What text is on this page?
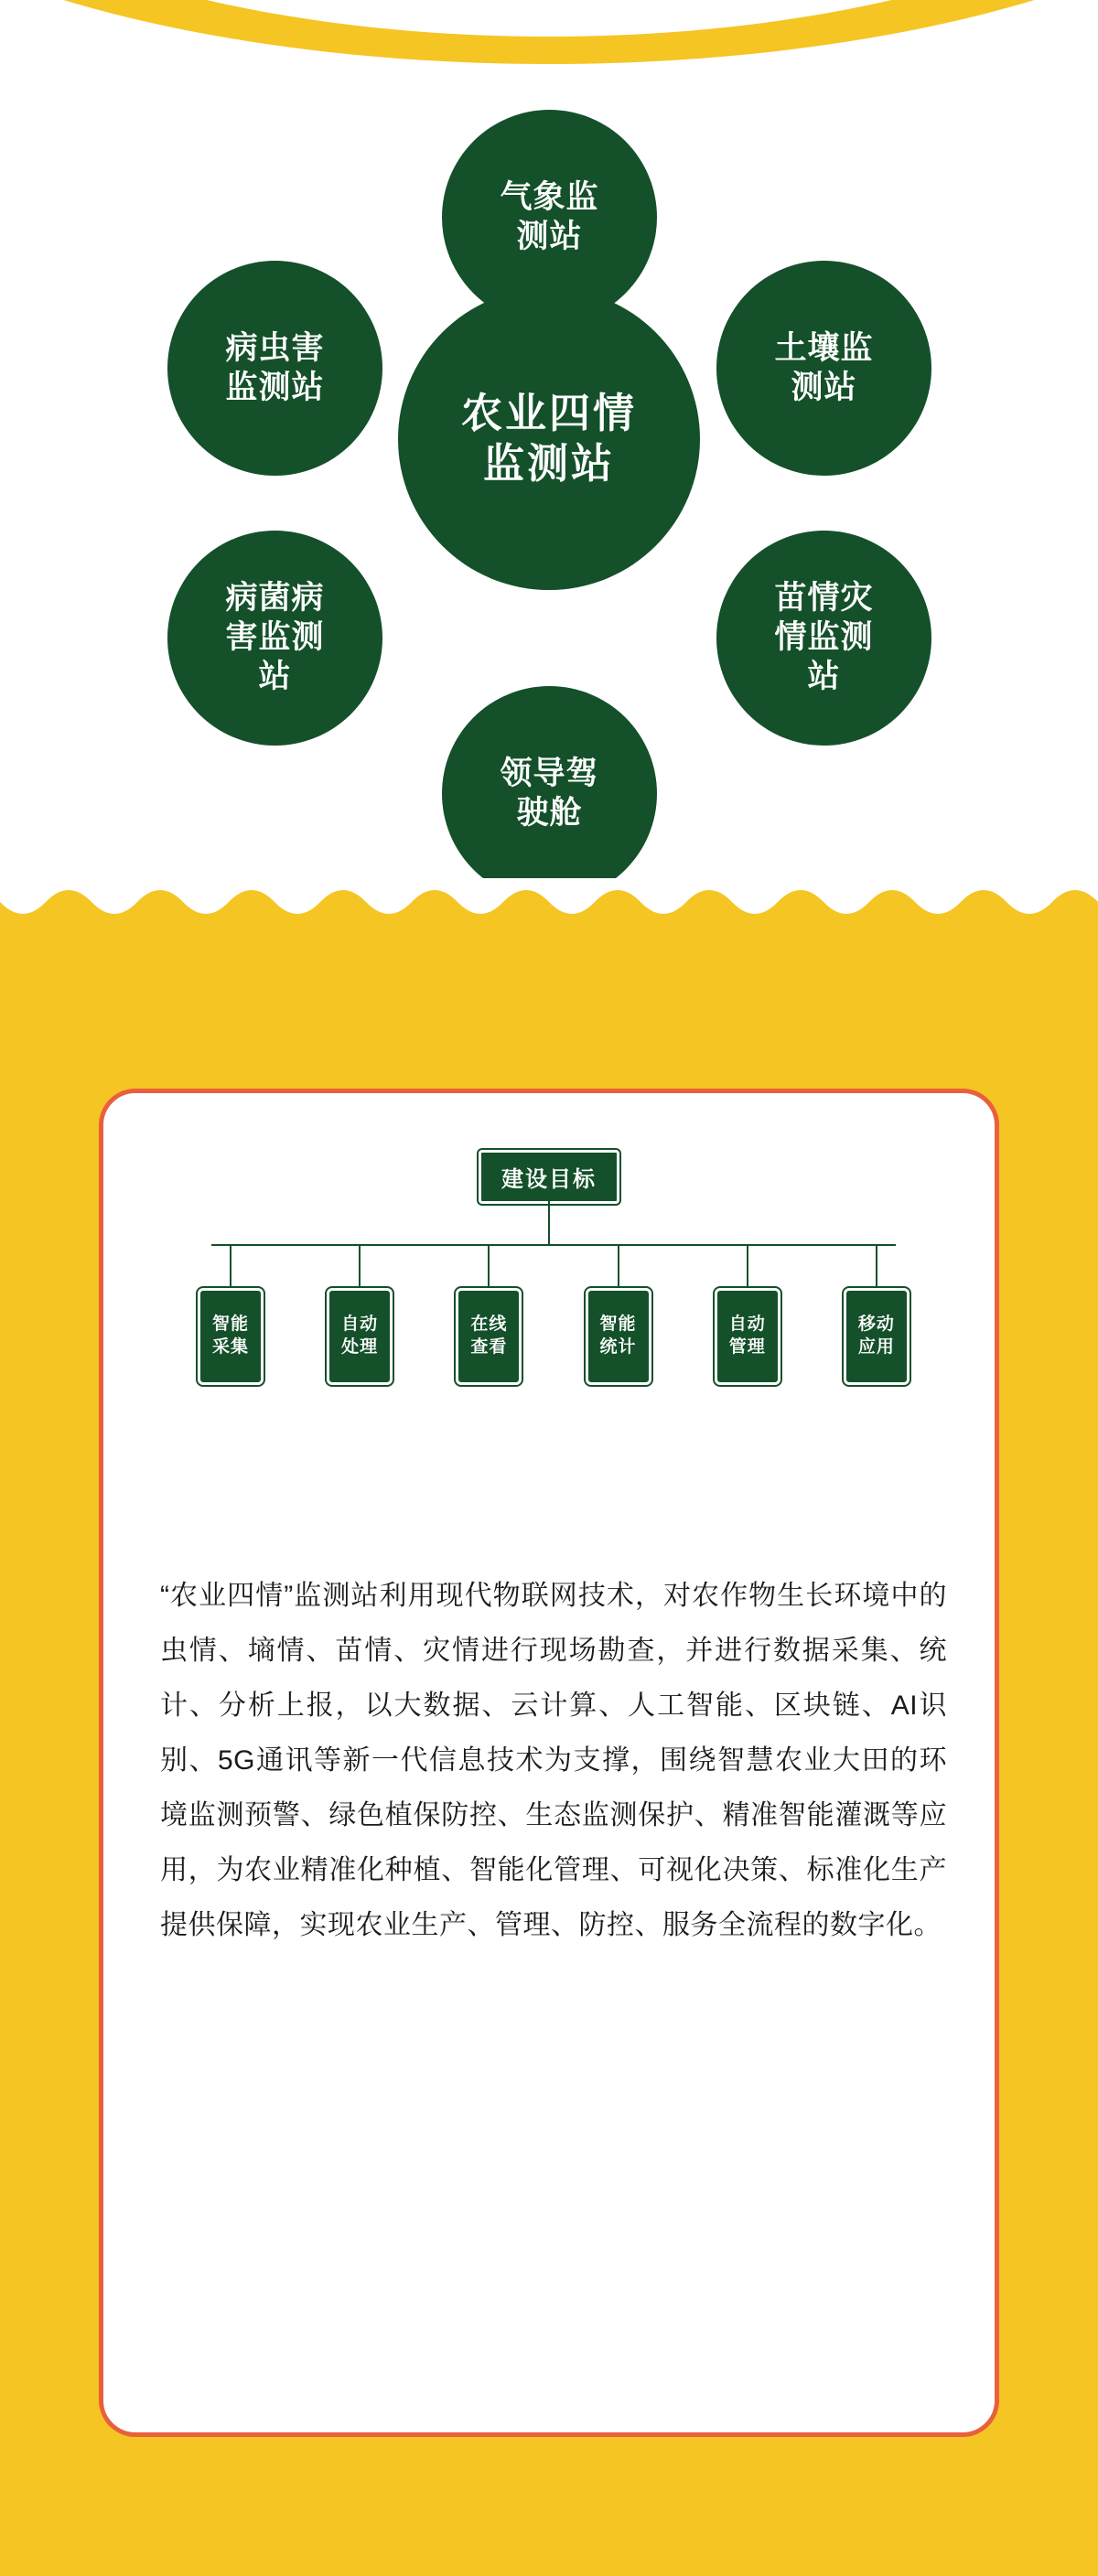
气象监
测站
病虫害
监测站
土壤监
测站
病菌病
害监测
站
苗情灾
情监测
站
领导驾
驶舱
农业四情
监测站
建设目标
智能
采集
自动
处理
在线
查看
智能
统计
自动
管理
移动
应用
“农业四情”监测站利用现代物联网技术，对农作物生长环境中的虫情、墒情、苗情、灾情进行现场勘查，并进行数据采集、统计、分析上报，以大数据、云计算、人工智能、区块链、AI识别、5G通讯等新一代信息技术为支撑，围绕智慧农业大田的环境监测预警、绿色植保防控、生态监测保护、精准智能灌溉等应用，为农业精准化种植、智能化管理、可视化决策、标准化生产提供保障，实现农业生产、管理、防控、服务全流程的数字化。
